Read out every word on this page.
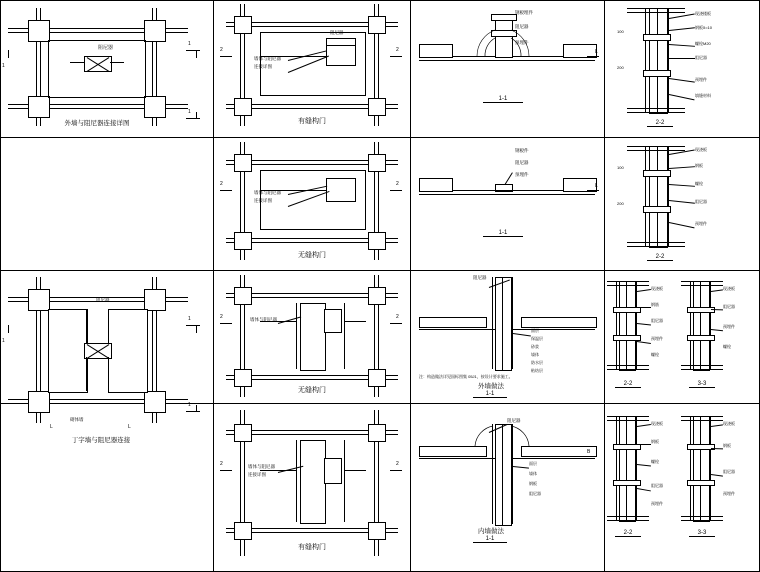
1
1
阻尼器
1
外墙与阻尼器连接详图
墙体与阻尼器
连接详图
阻尼器
2	2
有缝构门
钢板埋件
阻尼器
预埋件
L
1-1
现浇楼板
钢板δ=10
螺栓M20
阻尼器
预埋件
填缝材料
100
200
2-2
墙体与阻尼器
连接详图
2	2
无缝构门
钢板件
阻尼器
预埋件
L
1-1
现浇板
钢板
螺栓
阻尼器
预埋件
100
200
2-2
1
1
1
阻尼器
砌体墙
L	L
丁字墙与阻尼器连接
墙体与阻尼器
2	2
无缝构门
阻尼器
面层
保温层
砂浆
墙体
防水层
粘结层
注：构造做法详见国标图集 05J1，按设计要求施工。
外墙做法
1-1
现浇板
钢筋
阻尼器
预埋件
螺栓
现浇板
阻尼器
预埋件
螺栓
2-2	3-3
墙体与阻尼器
连接详图
2	2
有缝构门
阻尼器
面层
墙体
钢板
阻尼器
B
内墙做法
1-1
现浇板
钢板
螺栓
阻尼器
预埋件
现浇板
钢板
阻尼器
预埋件
2-2	3-3
